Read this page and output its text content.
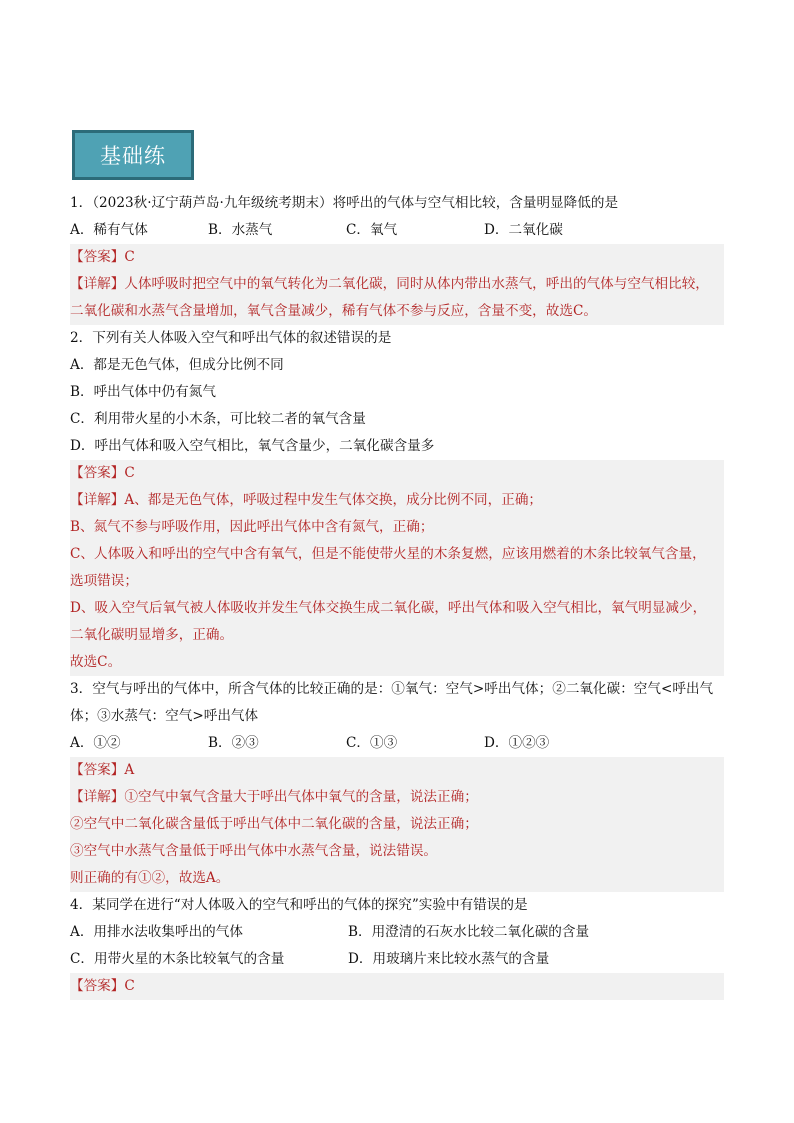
基础练
1．（2023秋·辽宁葫芦岛·九年级统考期末）将呼出的气体与空气相比较，含量明显降低的是
A．稀有气体	B．水蒸气	C．氧气	D．二氧化碳
【答案】C
【详解】人体呼吸时把空气中的氧气转化为二氧化碳，同时从体内带出水蒸气，呼出的气体与空气相比较，
二氧化碳和水蒸气含量增加，氧气含量减少，稀有气体不参与反应，含量不变，故选C。
2．下列有关人体吸入空气和呼出气体的叙述错误的是
A．都是无色气体，但成分比例不同
B．呼出气体中仍有氮气
C．利用带火星的小木条，可比较二者的氧气含量
D．呼出气体和吸入空气相比，氧气含量少，二氧化碳含量多
【答案】C
【详解】A、都是无色气体，呼吸过程中发生气体交换，成分比例不同，正确；
B、氮气不参与呼吸作用，因此呼出气体中含有氮气，正确；
C、人体吸入和呼出的空气中含有氧气，但是不能使带火星的木条复燃，应该用燃着的木条比较氧气含量，
选项错误；
D、吸入空气后氧气被人体吸收并发生气体交换生成二氧化碳，呼出气体和吸入空气相比，氧气明显减少，
二氧化碳明显增多，正确。
故选C。
3．空气与呼出的气体中，所含气体的比较正确的是：①氧气：空气>呼出气体；②二氧化碳：空气<呼出气
体；③水蒸气：空气>呼出气体
A．①②	B．②③	C．①③	D．①②③
【答案】A
【详解】①空气中氧气含量大于呼出气体中氧气的含量，说法正确；
②空气中二氧化碳含量低于呼出气体中二氧化碳的含量，说法正确；
③空气中水蒸气含量低于呼出气体中水蒸气含量，说法错误。
则正确的有①②，故选A。
4．某同学在进行“对人体吸入的空气和呼出的气体的探究”实验中有错误的是
A．用排水法收集呼出的气体	B．用澄清的石灰水比较二氧化碳的含量
C．用带火星的木条比较氧气的含量	D．用玻璃片来比较水蒸气的含量
【答案】C
